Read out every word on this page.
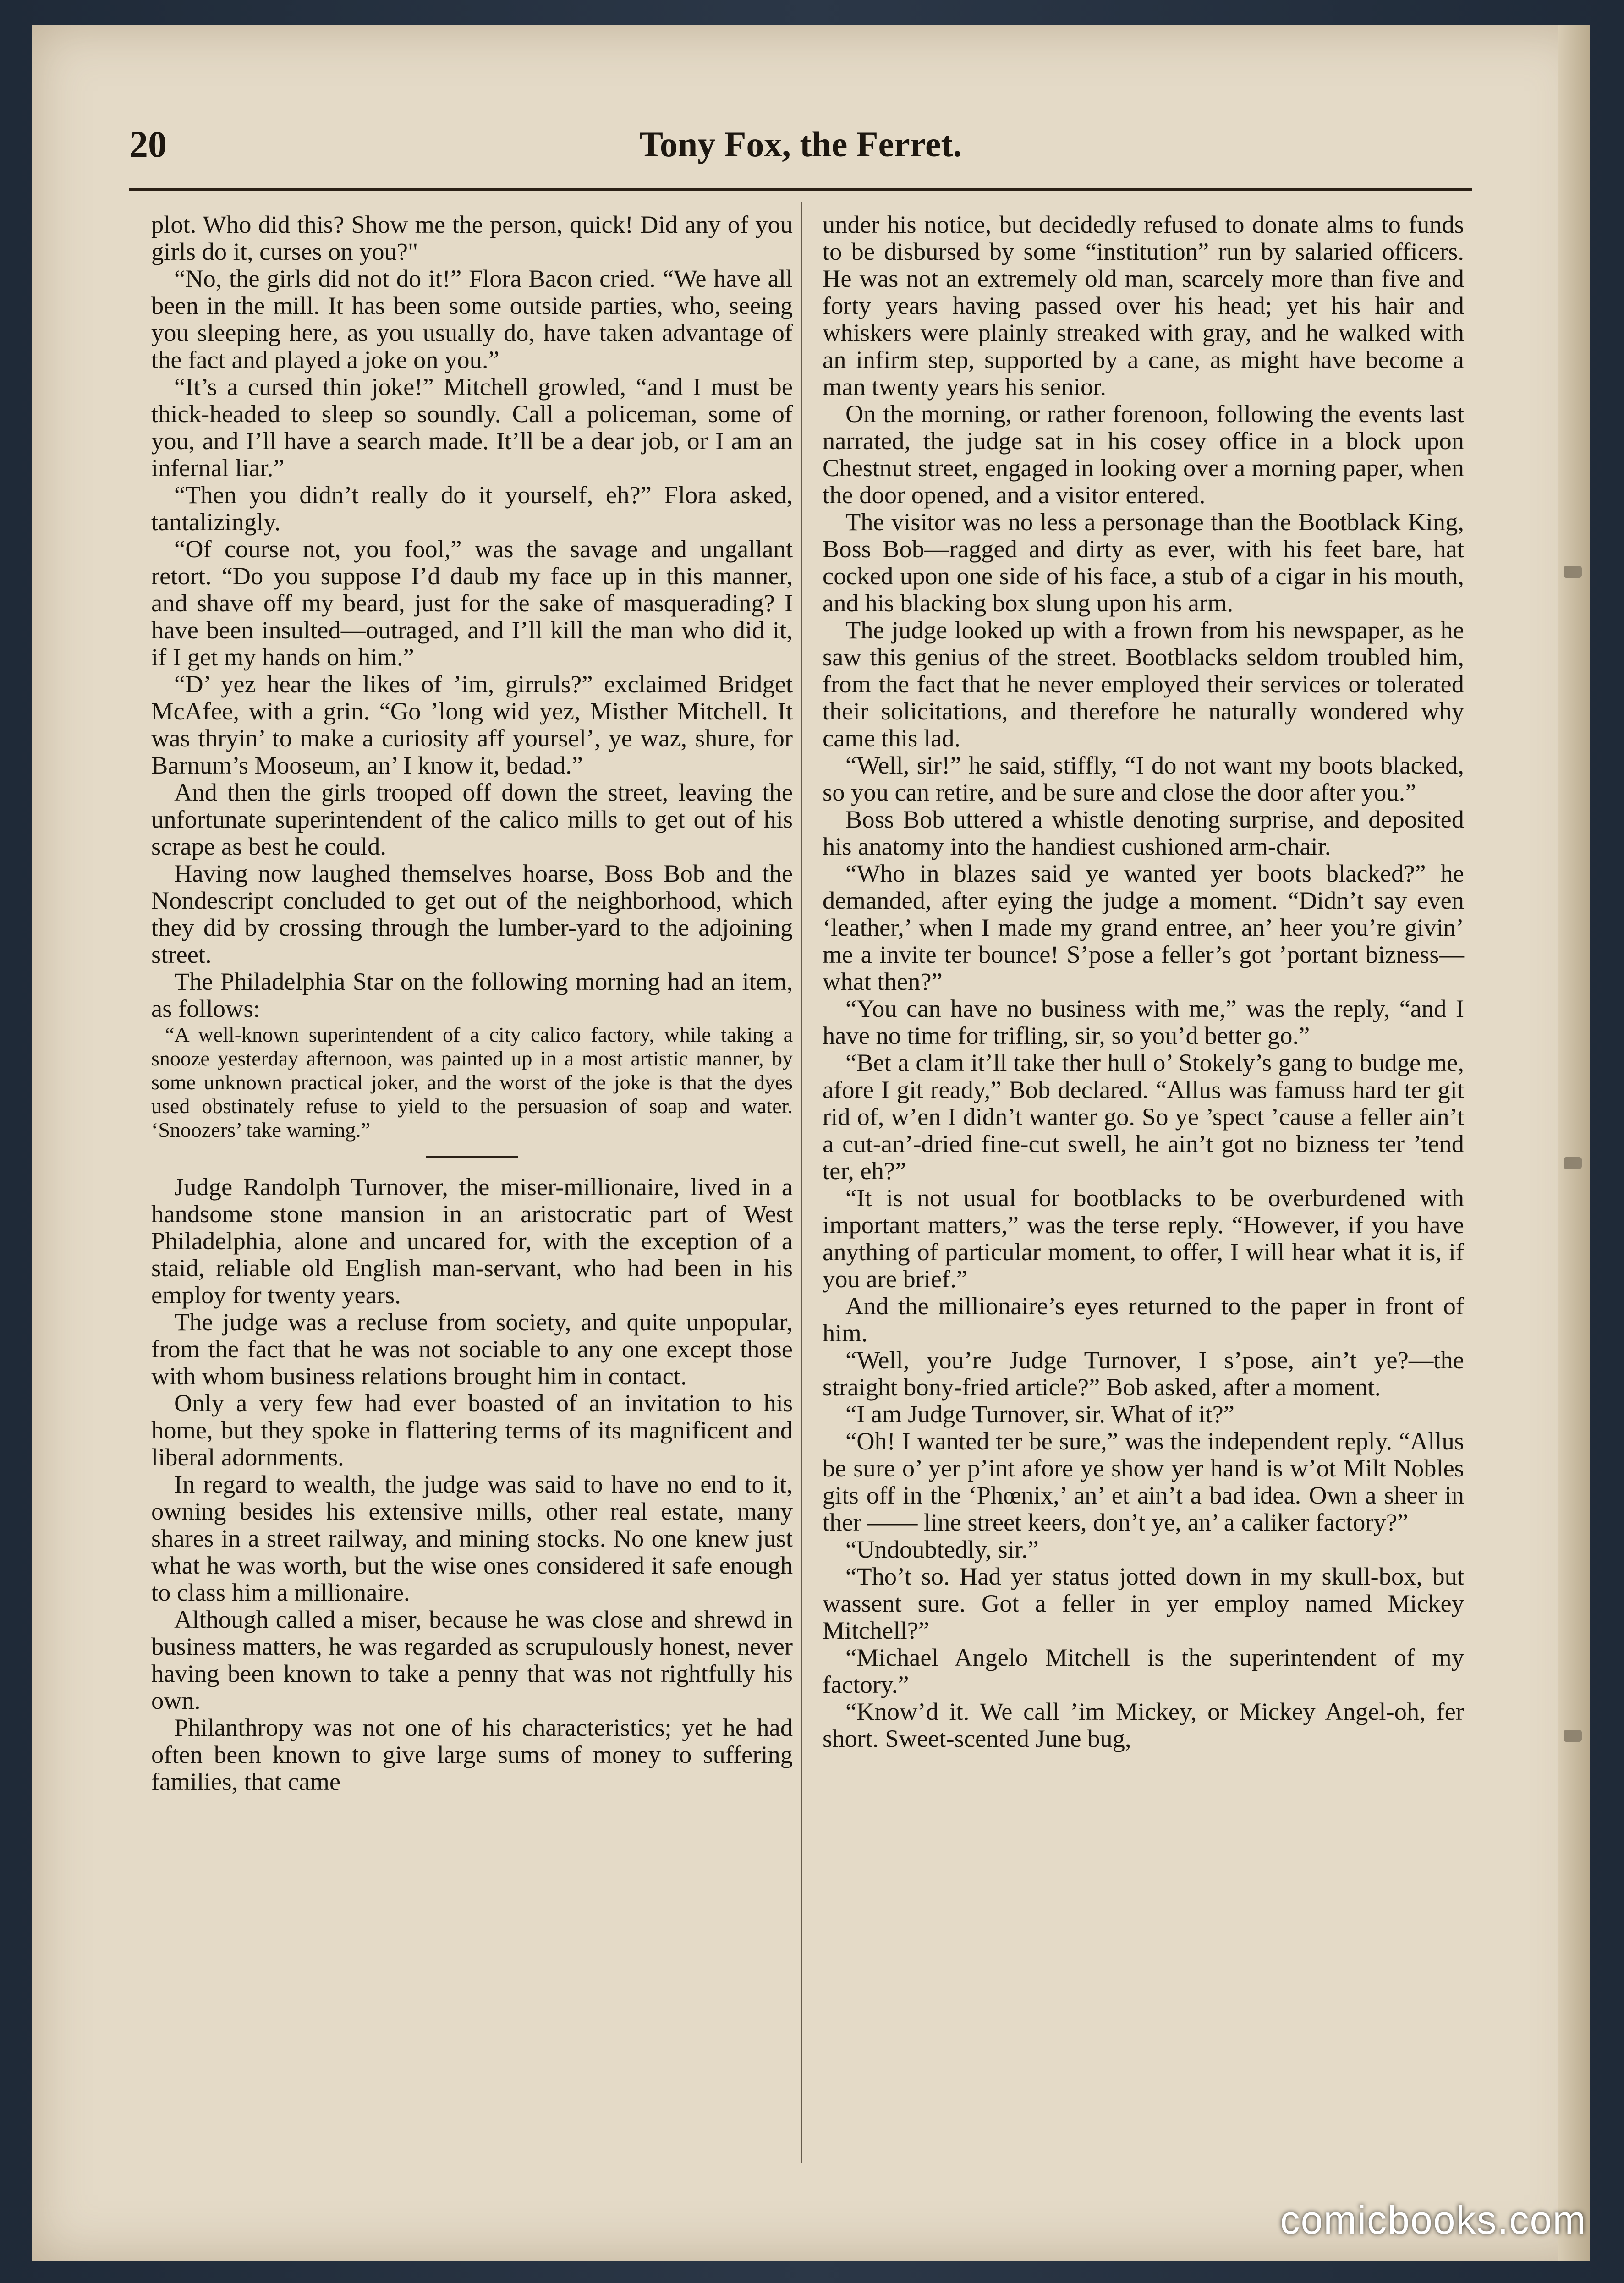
20	Tony Fox, the Ferret.

plot. Who did this? Show me the person, quick! Did any of you girls do it, curses on you?"

“No, the girls did not do it!” Flora Bacon cried. “We have all been in the mill. It has been some outside parties, who, seeing you sleeping here, as you usually do, have taken advantage of the fact and played a joke on you.”

“It’s a cursed thin joke!” Mitchell growled, “and I must be thick-headed to sleep so soundly. Call a policeman, some of you, and I’ll have a search made. It’ll be a dear job, or I am an infernal liar.”

“Then you didn’t really do it yourself, eh?” Flora asked, tantalizingly.

“Of course not, you fool,” was the savage and ungallant retort. “Do you suppose I’d daub my face up in this manner, and shave off my beard, just for the sake of masquerading? I have been insulted—outraged, and I’ll kill the man who did it, if I get my hands on him.”

“D’ yez hear the likes of ’im, girruls?” exclaimed Bridget McAfee, with a grin. “Go ’long wid yez, Misther Mitchell. It was thryin’ to make a curiosity aff yoursel’, ye waz, shure, for Barnum’s Mooseum, an’ I know it, bedad.”

And then the girls trooped off down the street, leaving the unfortunate superintendent of the calico mills to get out of his scrape as best he could.

Having now laughed themselves hoarse, Boss Bob and the Nondescript concluded to get out of the neighborhood, which they did by crossing through the lumber-yard to the adjoining street.

The Philadelphia Star on the following morning had an item, as follows:

“A well-known superintendent of a city calico factory, while taking a snooze yesterday afternoon, was painted up in a most artistic manner, by some unknown practical joker, and the worst of the joke is that the dyes used obstinately refuse to yield to the persuasion of soap and water. ‘Snoozers’ take warning.”

Judge Randolph Turnover, the miser-millionaire, lived in a handsome stone mansion in an aristocratic part of West Philadelphia, alone and uncared for, with the exception of a staid, reliable old English man-servant, who had been in his employ for twenty years.

The judge was a recluse from society, and quite unpopular, from the fact that he was not sociable to any one except those with whom business relations brought him in contact.

Only a very few had ever boasted of an invitation to his home, but they spoke in flattering terms of its magnificent and liberal adornments.

In regard to wealth, the judge was said to have no end to it, owning besides his extensive mills, other real estate, many shares in a street railway, and mining stocks. No one knew just what he was worth, but the wise ones considered it safe enough to class him a millionaire.

Although called a miser, because he was close and shrewd in business matters, he was regarded as scrupulously honest, never having been known to take a penny that was not rightfully his own.

Philanthropy was not one of his characteristics; yet he had often been known to give large sums of money to suffering families, that came

under his notice, but decidedly refused to donate alms to funds to be disbursed by some “institution” run by salaried officers. He was not an extremely old man, scarcely more than five and forty years having passed over his head; yet his hair and whiskers were plainly streaked with gray, and he walked with an infirm step, supported by a cane, as might have become a man twenty years his senior.

On the morning, or rather forenoon, following the events last narrated, the judge sat in his cosey office in a block upon Chestnut street, engaged in looking over a morning paper, when the door opened, and a visitor entered.

The visitor was no less a personage than the Bootblack King, Boss Bob—ragged and dirty as ever, with his feet bare, hat cocked upon one side of his face, a stub of a cigar in his mouth, and his blacking box slung upon his arm.

The judge looked up with a frown from his newspaper, as he saw this genius of the street. Bootblacks seldom troubled him, from the fact that he never employed their services or tolerated their solicitations, and therefore he naturally wondered why came this lad.

“Well, sir!” he said, stiffly, “I do not want my boots blacked, so you can retire, and be sure and close the door after you.”

Boss Bob uttered a whistle denoting surprise, and deposited his anatomy into the handiest cushioned arm-chair.

“Who in blazes said ye wanted yer boots blacked?” he demanded, after eying the judge a moment. “Didn’t say even ‘leather,’ when I made my grand entree, an’ heer you’re givin’ me a invite ter bounce! S’pose a feller’s got ’portant bizness—what then?”

“You can have no business with me,” was the reply, “and I have no time for trifling, sir, so you’d better go.”

“Bet a clam it’ll take ther hull o’ Stokely’s gang to budge me, afore I git ready,” Bob declared. “Allus was famuss hard ter git rid of, w’en I didn’t wanter go. So ye ’spect ’cause a feller ain’t a cut-an’-dried fine-cut swell, he ain’t got no bizness ter ’tend ter, eh?”

“It is not usual for bootblacks to be overburdened with important matters,” was the terse reply. “However, if you have anything of particular moment, to offer, I will hear what it is, if you are brief.”

And the millionaire’s eyes returned to the paper in front of him.

“Well, you’re Judge Turnover, I s’pose, ain’t ye?—the straight bony-fried article?” Bob asked, after a moment.

“I am Judge Turnover, sir. What of it?”

“Oh! I wanted ter be sure,” was the independent reply. “Allus be sure o’ yer p’int afore ye show yer hand is w’ot Milt Nobles gits off in the ‘Phœnix,’ an’ et ain’t a bad idea. Own a sheer in ther —— line street keers, don’t ye, an’ a caliker factory?”

“Undoubtedly, sir.”

“Tho’t so. Had yer status jotted down in my skull-box, but wassent sure. Got a feller in yer employ named Mickey Mitchell?”

“Michael Angelo Mitchell is the superintendent of my factory.”

“Know’d it. We call ’im Mickey, or Mickey Angel-oh, fer short. Sweet-scented June bug,

comicbooks.com
